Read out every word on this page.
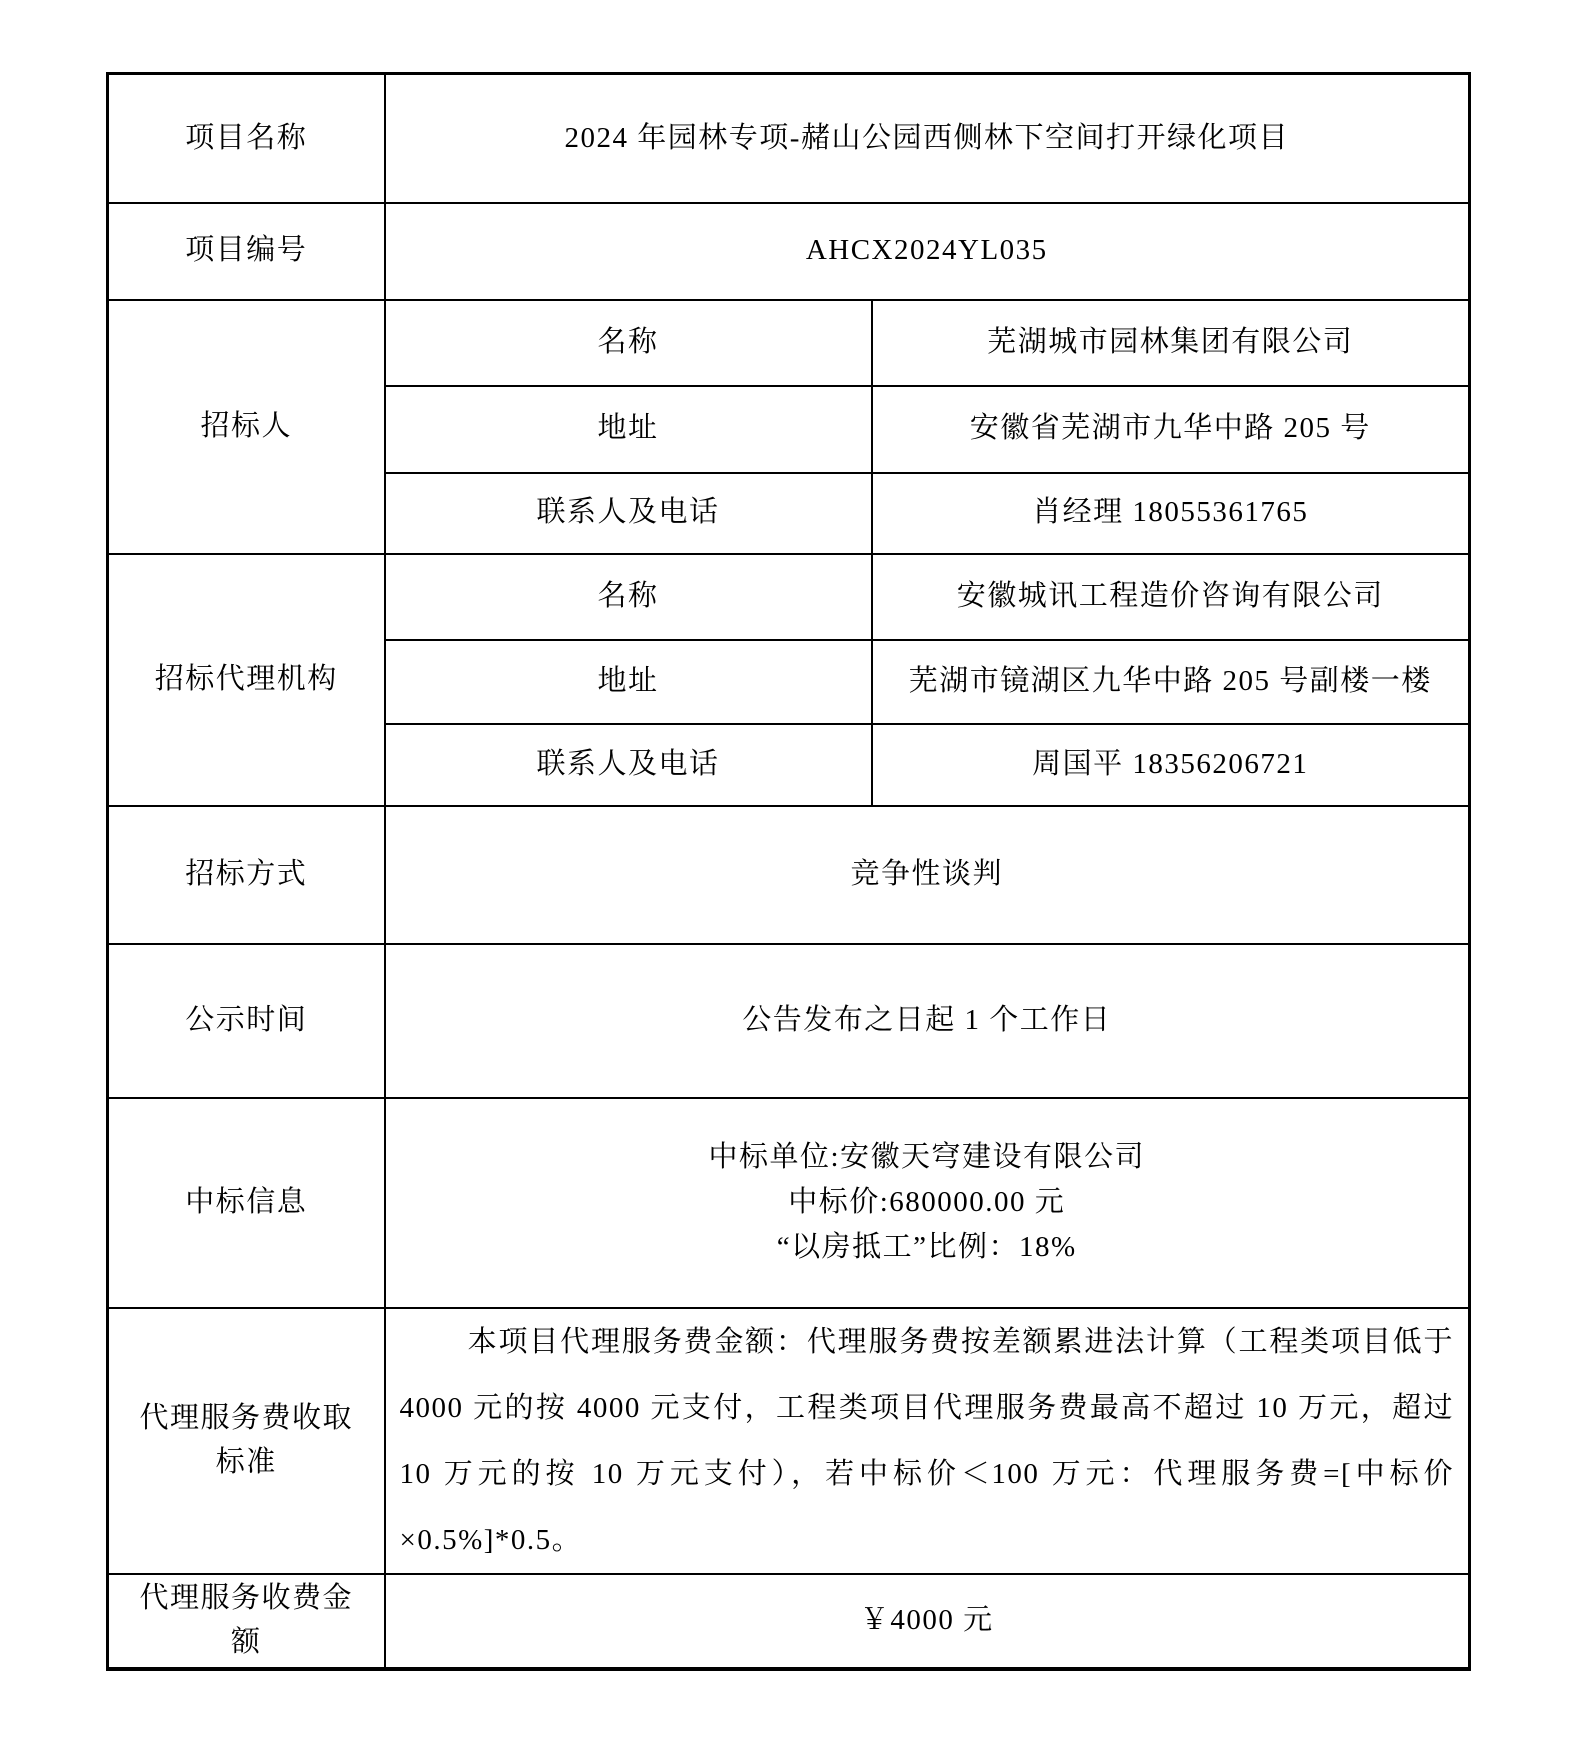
项目名称	2024 年园林专项-赭山公园西侧林下空间打开绿化项目	
项目编号	AHCX2024YL035	
招标人	名称	芜湖城市园林集团有限公司
	地址	安徽省芜湖市九华中路 205 号
	联系人及电话	肖经理 18055361765
招标代理机构	名称	安徽城讯工程造价咨询有限公司
	地址	芜湖市镜湖区九华中路 205 号副楼一楼
	联系人及电话	周国平 18356206721
招标方式	竞争性谈判	
公示时间	公告发布之日起 1 个工作日	
中标信息	中标单位:安徽天穹建设有限公司
中标价:680000.00 元
“以房抵工”比例：18%	

代理服务费收取标准	本项目代理服务费金额：代理服务费按差额累进法计算（工程类项目低于 4000 元的按 4000 元支付，工程类项目代理服务费最高不超过 10 万元，超过 10 万元的按 10 万元支付），若中标价＜100 万元：代理服务费=[中标价×0.5%]*0.5。	

代理服务收费金额	￥4000 元	
